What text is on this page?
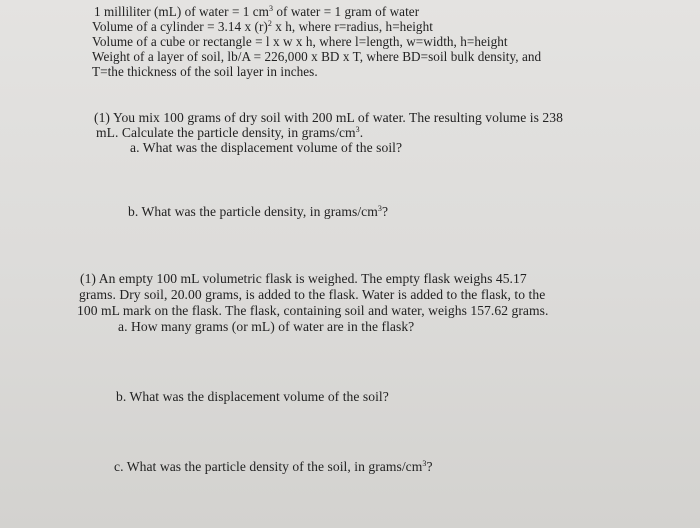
1 milliliter (mL) of water = 1 $cm^3$ of water = 1 gram of water
Volume of a cylinder = 3.14 x $(r)^2$ x h, where r=radius, h=height
Volume of a cube or rectangle = l x w x h, where l=length, w=width, h=height
Weight of a layer of soil, lb/A = 226,000 x BD x T, where BD=soil bulk density, and
T=the thickness of the soil layer in inches.
(1) You mix 100 grams of dry soil with 200 mL of water. The resulting volume is 238
mL. Calculate the particle density, in grams/$cm^3$.
a. What was the displacement volume of the soil?
b. What was the particle density, in grams/$cm^3$?
(1) An empty 100 mL volumetric flask is weighed. The empty flask weighs 45.17
grams. Dry soil, 20.00 grams, is added to the flask. Water is added to the flask, to the
100 mL mark on the flask. The flask, containing soil and water, weighs 157.62 grams.
a. How many grams (or mL) of water are in the flask?
b. What was the displacement volume of the soil?
c. What was the particle density of the soil, in grams/$cm^3$?
